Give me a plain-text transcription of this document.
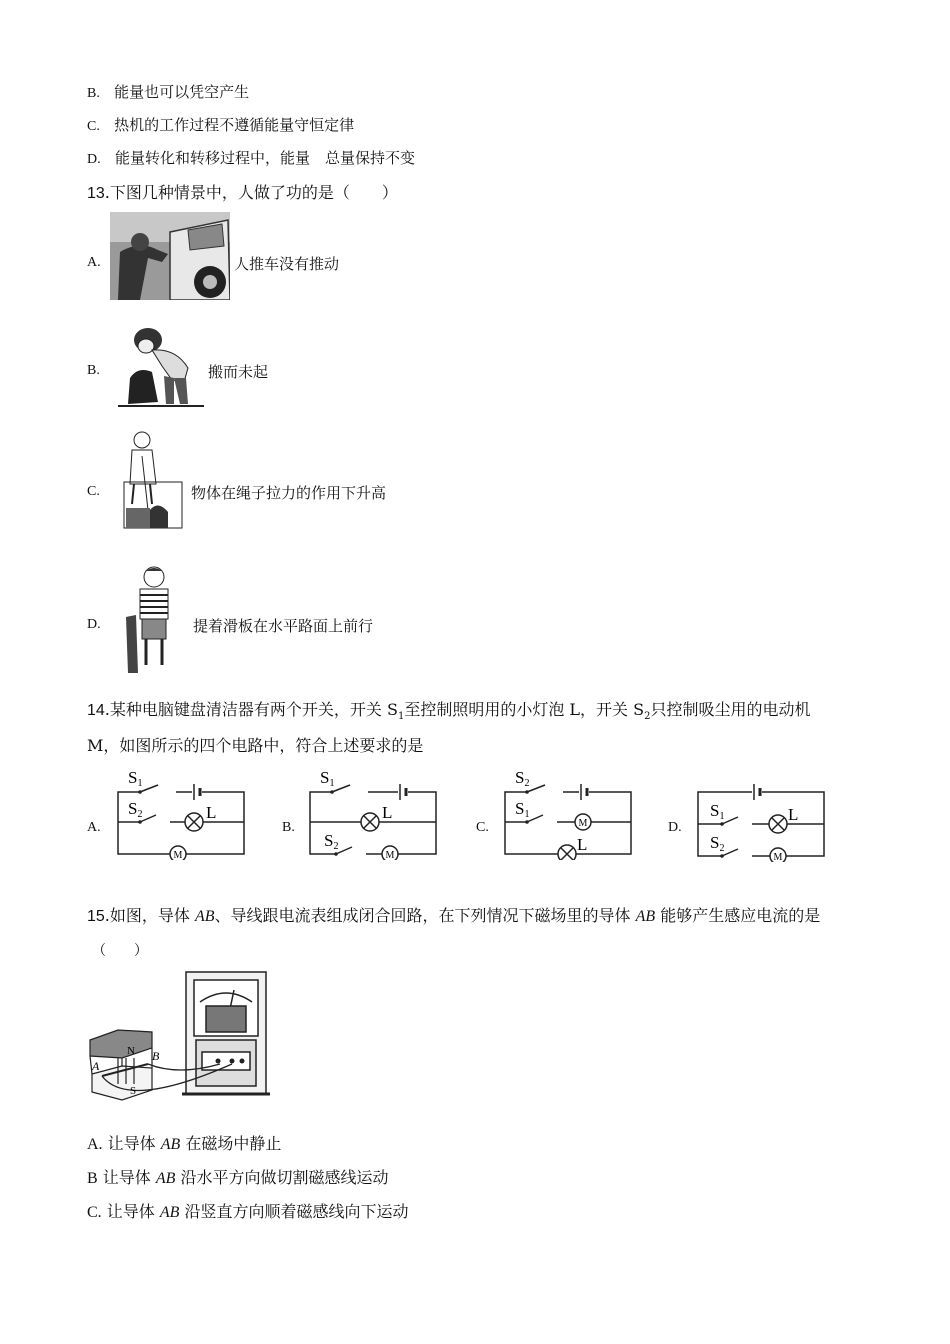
B. 能量也可以凭空产生
C. 热机的工作过程不遵循能量守恒定律
D. 能量转化和转移过程中，能量　总量保持不变
13.下图几种情景中，人做了功的是（　　）
A.	人推车没有推动
B.	搬而未起
C.	物体在绳子拉力的作用下升高
D.	提着滑板在水平路面上前行
14.某种电脑键盘清洁器有两个开关，开关 $S_1$至控制照明用的小灯泡 L，开关 $S_2$只控制吸尘用的电动机
M，如图所示的四个电路中，符合上述要求的是
A.
M
S1
S2	L
B.
M
S1
S2
L
C.	M
S2
S1
L
D.
M
S1
S2
L
15.如图，导体 AB、导线跟电流表组成闭合回路，在下列情况下磁场里的导体 AB 能够产生感应电流的是
（　　）
N
S
A
B
A. 让导体 AB 在磁场中静止
B 让导体 AB 沿水平方向做切割磁感线运动
C. 让导体 AB 沿竖直方向顺着磁感线向下运动
